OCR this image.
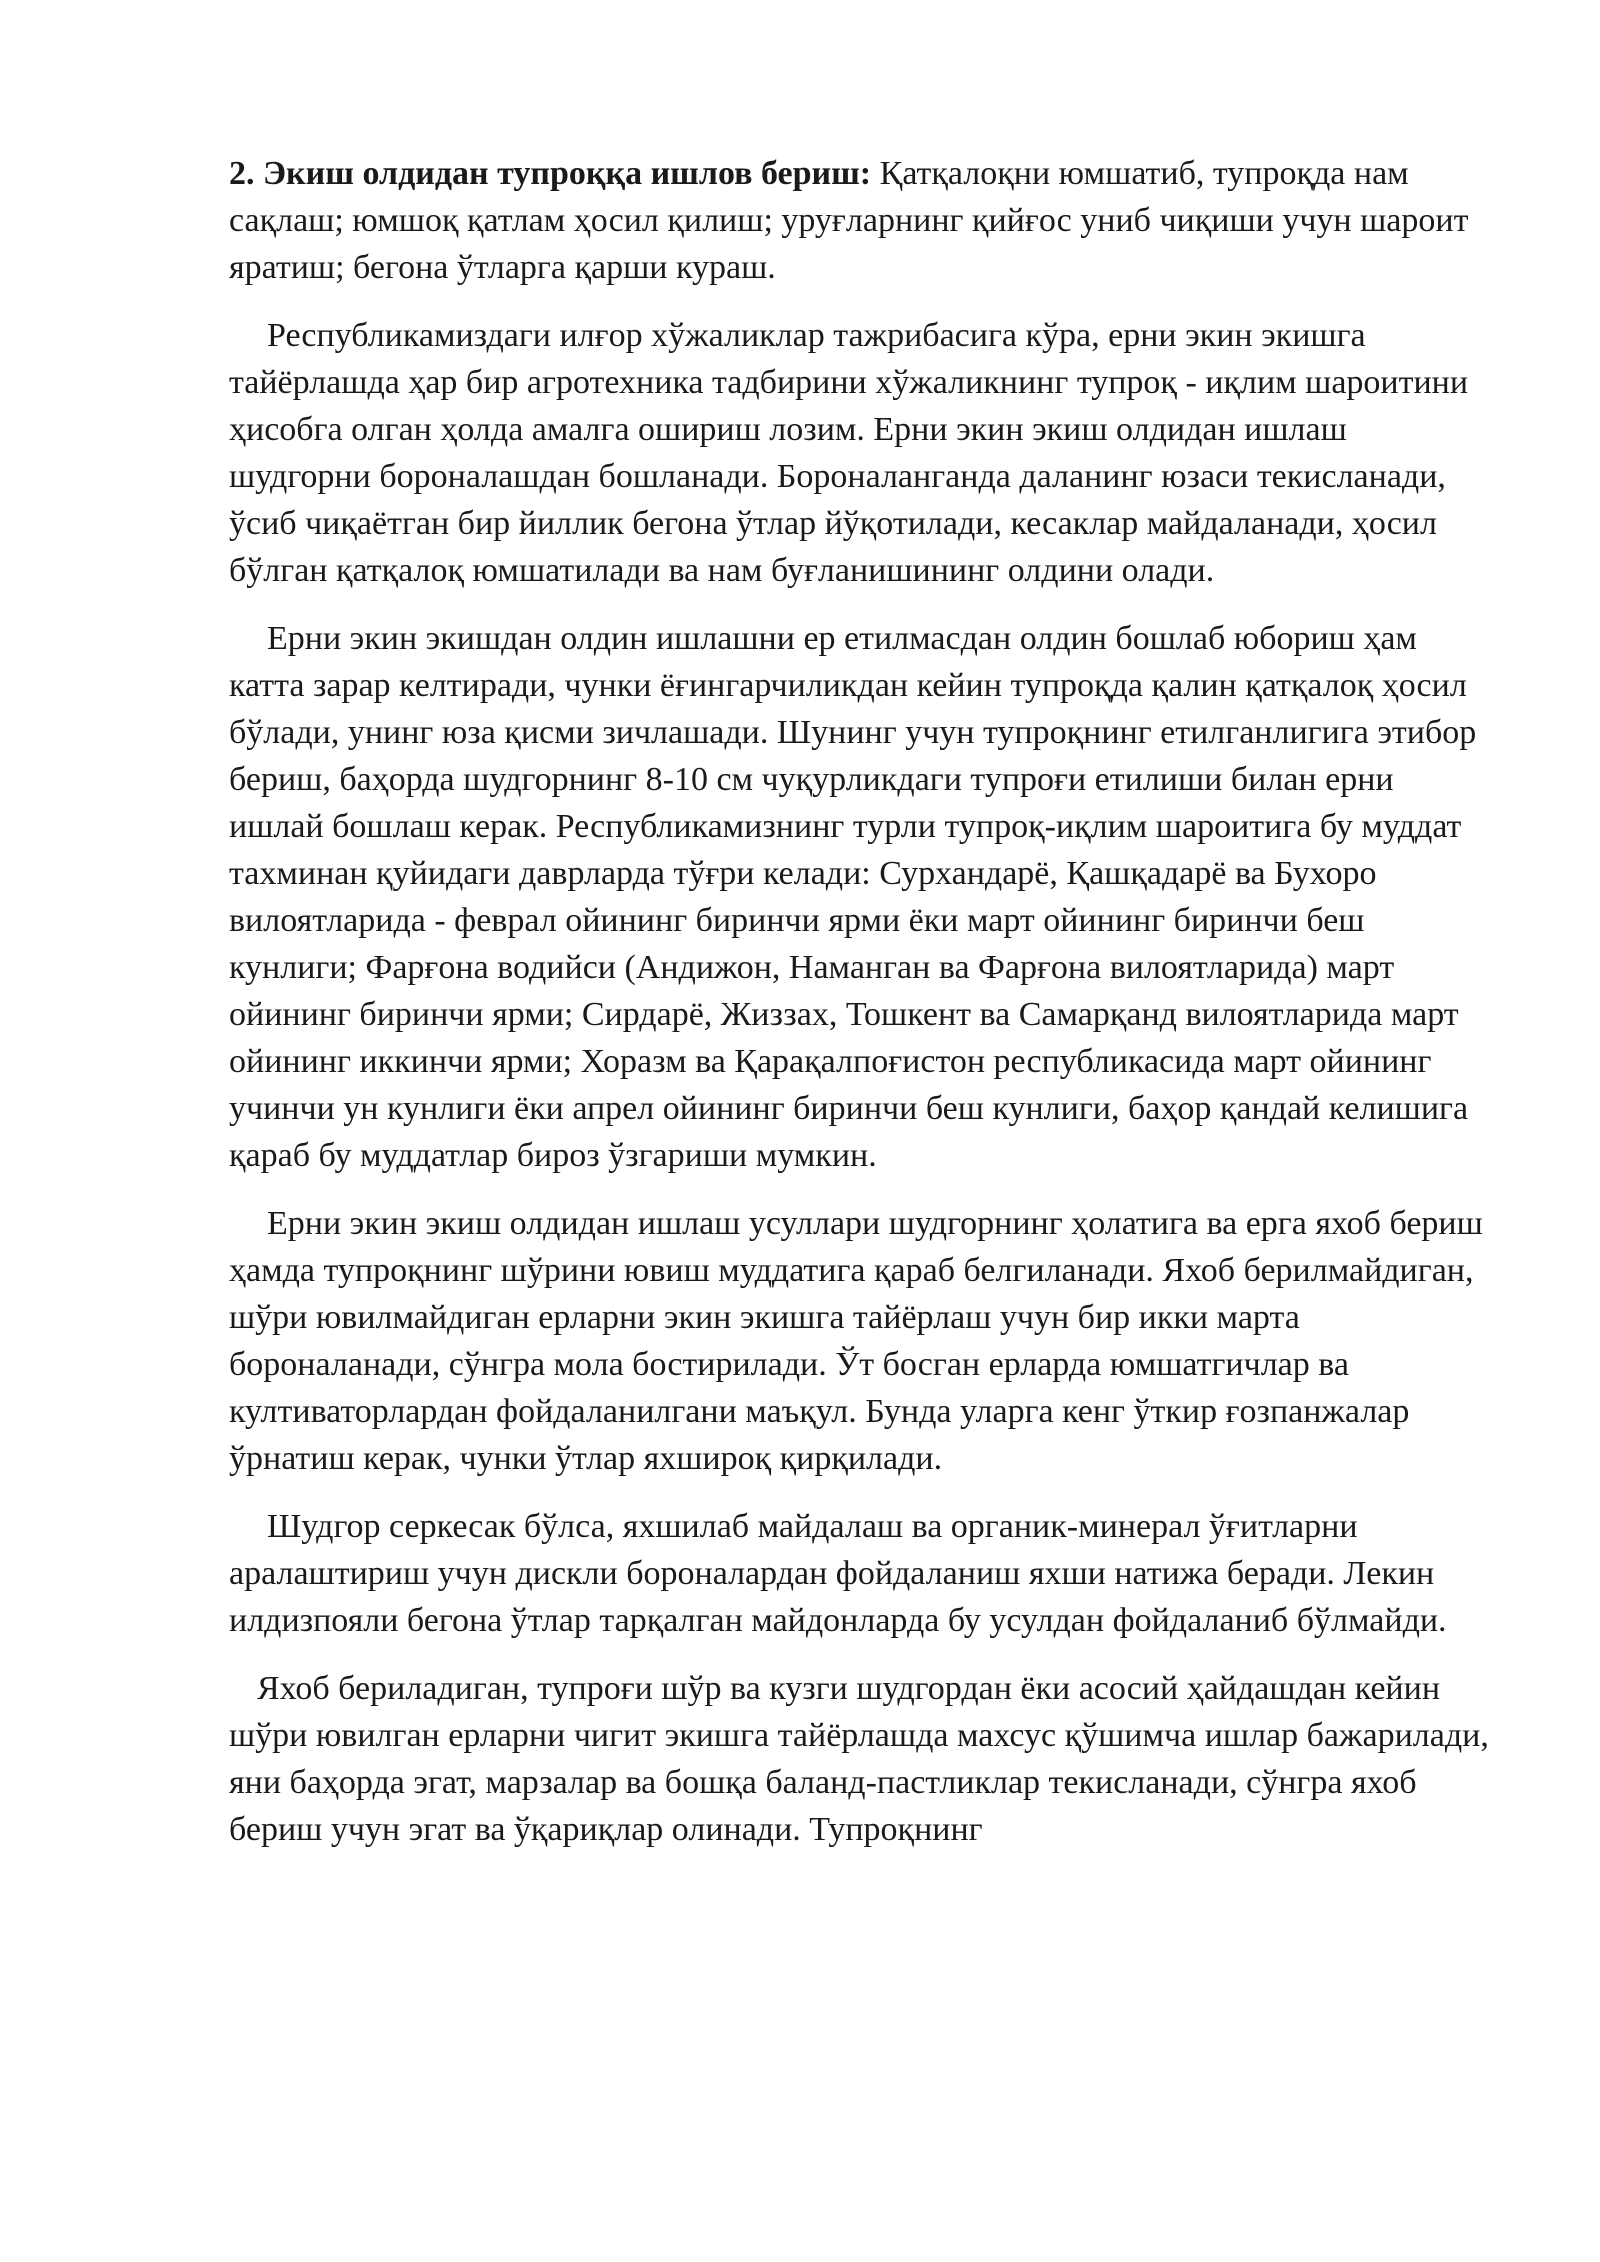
2. Экиш олдидан тупроққа ишлов бериш: Қатқалоқни юмшатиб, тупроқда нам сақлаш; юмшоқ қатлам ҳосил қилиш; уруғларнинг қийғос униб чиқиши учун шароит яратиш; бегона ўтларга қарши кураш.

Республикамиздаги илғор хўжаликлар тажрибасига кўра, ерни экин экишга тайёрлашда ҳар бир агротехника тадбирини хўжаликнинг тупроқ - иқлим шароитини ҳисобга олган ҳолда амалга ошириш лозим. Ерни экин экиш олдидан ишлаш шудгорни бороналашдан бошланади. Бороналанганда даланинг юзаси текисланади, ўсиб чиқаётган бир йиллик бегона ўтлар йўқотилади, кесаклар майдаланади, ҳосил бўлган қатқалоқ юмшатилади ва нам буғланишининг олдини олади.

Ерни экин экишдан олдин ишлашни ер етилмасдан олдин бошлаб юбориш ҳам катта зарар келтиради, чунки ёғингарчиликдан кейин тупроқда қалин қатқалоқ ҳосил бўлади, унинг юза қисми зичлашади. Шунинг учун тупроқнинг етилганлигига этибор бериш, баҳорда шудгорнинг 8-10 см чуқурликдаги тупроғи етилиши билан ерни ишлай бошлаш керак. Республикамизнинг турли тупроқ-иқлим шароитига бу муддат тахминан қуйидаги даврларда тўғри келади: Сурхандарё, Қашқадарё ва Бухоро вилоятларида - феврал ойининг биринчи ярми ёки март ойининг биринчи беш кунлиги; Фарғона водийси (Андижон, Наманган ва Фарғона вилоятларида) март ойининг биринчи ярми; Сирдарё, Жиззах, Тошкент ва Самарқанд вилоятларида март ойининг иккинчи ярми; Хоразм ва Қарақалпоғистон республикасида март ойининг учинчи ун кунлиги ёки апрел ойининг биринчи беш кунлиги, баҳор қандай келишига қараб бу муддатлар бироз ўзгариши мумкин.

Ерни экин экиш олдидан ишлаш усуллари шудгорнинг ҳолатига ва ерга яхоб бериш ҳамда тупроқнинг шўрини ювиш муддатига қараб белгиланади. Яхоб берилмайдиган, шўри ювилмайдиган ерларни экин экишга тайёрлаш учун бир икки марта бороналанади, сўнгра мола бостирилади. Ўт босган ерларда юмшатгичлар ва култиваторлардан фойдаланилгани маъқул. Бунда уларга кенг ўткир ғозпанжалар ўрнатиш керак, чунки ўтлар яхшироқ қирқилади.

Шудгор серкесак бўлса, яхшилаб майдалаш ва органик-минерал ўғитларни аралаштириш учун дискли бороналардан фойдаланиш яхши натижа беради. Лекин илдизпояли бегона ўтлар тарқалган майдонларда бу усулдан фойдаланиб бўлмайди.

Яхоб бериладиган, тупроғи шўр ва кузги шудгордан ёки асосий ҳайдашдан кейин шўри ювилган ерларни чигит экишга тайёрлашда махсус қўшимча ишлар бажарилади, яни баҳорда эгат, марзалар ва бошқа баланд-пастликлар текисланади, сўнгра яхоб бериш учун эгат ва ўқариқлар олинади. Тупроқнинг
